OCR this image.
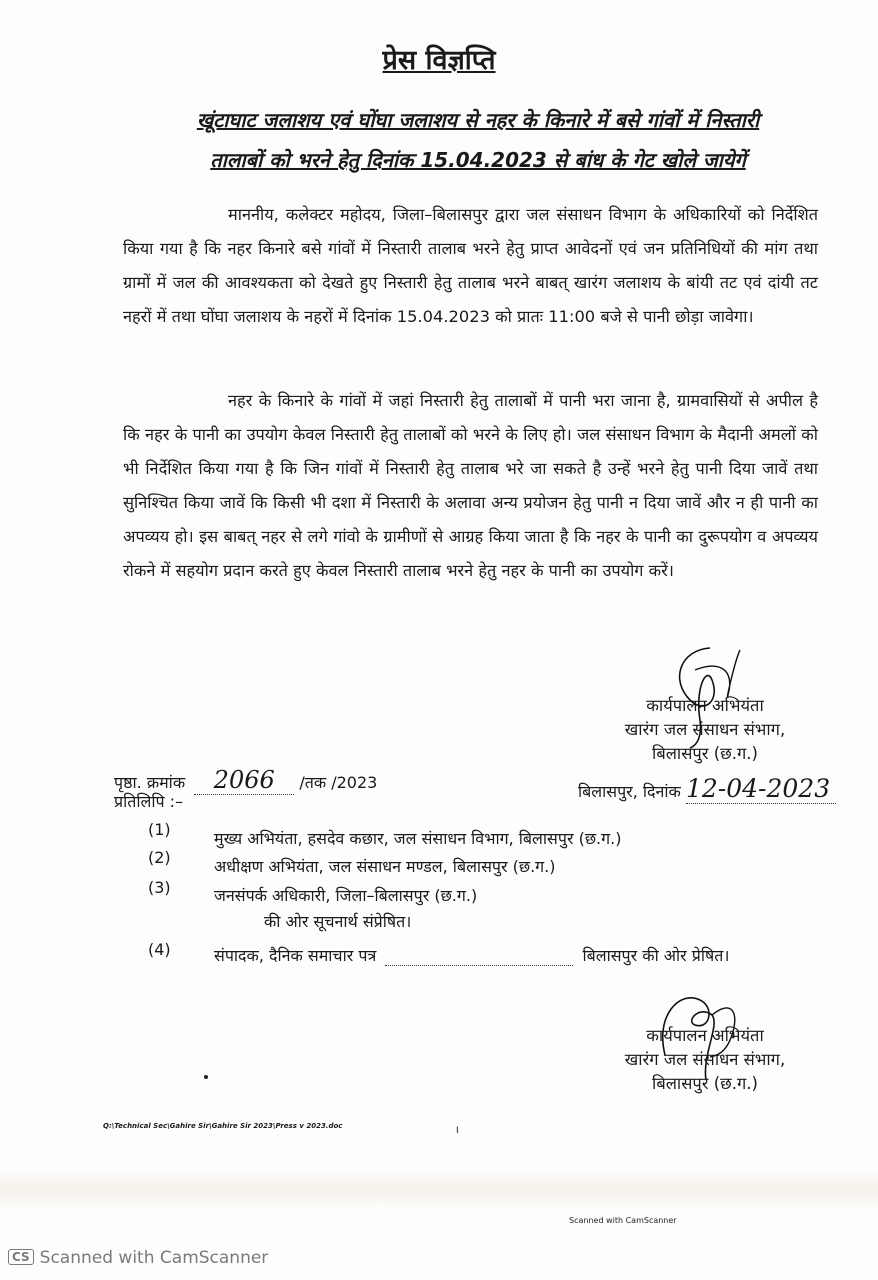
प्रेस विज्ञप्ति
खूंटाघाट जलाशय एवं घोंघा जलाशय से नहर के किनारे में बसे गांवों में निस्तारी
तालाबों को भरने हेतु दिनांक 15.04.2023 से बांध के गेट खोले जायेगें
माननीय, कलेक्टर महोदय, जिला–बिलासपुर द्वारा जल संसाधन विभाग के अधिकारियों को निर्देशित किया गया है कि नहर किनारे बसे गांवों में निस्तारी तालाब भरने हेतु प्राप्त आवेदनों एवं जन प्रतिनिधियों की मांग तथा ग्रामों में जल की आवश्यकता को देखते हुए निस्तारी हेतु तालाब भरने बाबत् खारंग जलाशय के बांयी तट एवं दांयी तट नहरों में तथा घोंघा जलाशय के नहरों में दिनांक 15.04.2023 को प्रातः 11:00 बजे से पानी छोड़ा जावेगा।
नहर के किनारे के गांवों में जहां निस्तारी हेतु तालाबों में पानी भरा जाना है, ग्रामवासियों से अपील है कि नहर के पानी का उपयोग केवल निस्तारी हेतु तालाबों को भरने के लिए हो। जल संसाधन विभाग के मैदानी अमलों को भी निर्देशित किया गया है कि जिन गांवों में निस्तारी हेतु तालाब भरे जा सकते है उन्हें भरने हेतु पानी दिया जावें तथा सुनिश्चित किया जावें कि किसी भी दशा में निस्तारी के अलावा अन्य प्रयोजन हेतु पानी न दिया जावें और न ही पानी का अपव्यय हो। इस बाबत् नहर से लगे गांवो के ग्रामीणों से आग्रह किया जाता है कि नहर के पानी का दुरूपयोग व अपव्यय रोकने में सहयोग प्रदान करते हुए केवल निस्तारी तालाब भरने हेतु नहर के पानी का उपयोग करें।
कार्यपालन अभियंता
खारंग जल संसाधन संभाग,
बिलासपुर (छ.ग.)
पृष्ठा. क्रमांक 2066 /तक /2023	बिलासपुर, दिनांक 12-04-2023
प्रतिलिपि :–
(1)	मुख्य अभियंता, हसदेव कछार, जल संसाधन विभाग, बिलासपुर (छ.ग.)
(2)	अधीक्षण अभियंता, जल संसाधन मण्डल, बिलासपुर (छ.ग.)
(3)	जनसंपर्क अधिकारी, जिला–बिलासपुर (छ.ग.)
की ओर सूचनार्थ संप्रेषित।
(4)	संपादक, दैनिक समाचार पत्र	बिलासपुर की ओर प्रेषित।
कार्यपालन अभियंता
खारंग जल संसाधन संभाग,
बिलासपुर (छ.ग.)
Q:\Technical Sec\Gahire Sir\Gahire Sir 2023\Press v 2023.doc	I
Scanned with CamScanner
CS Scanned with CamScanner
